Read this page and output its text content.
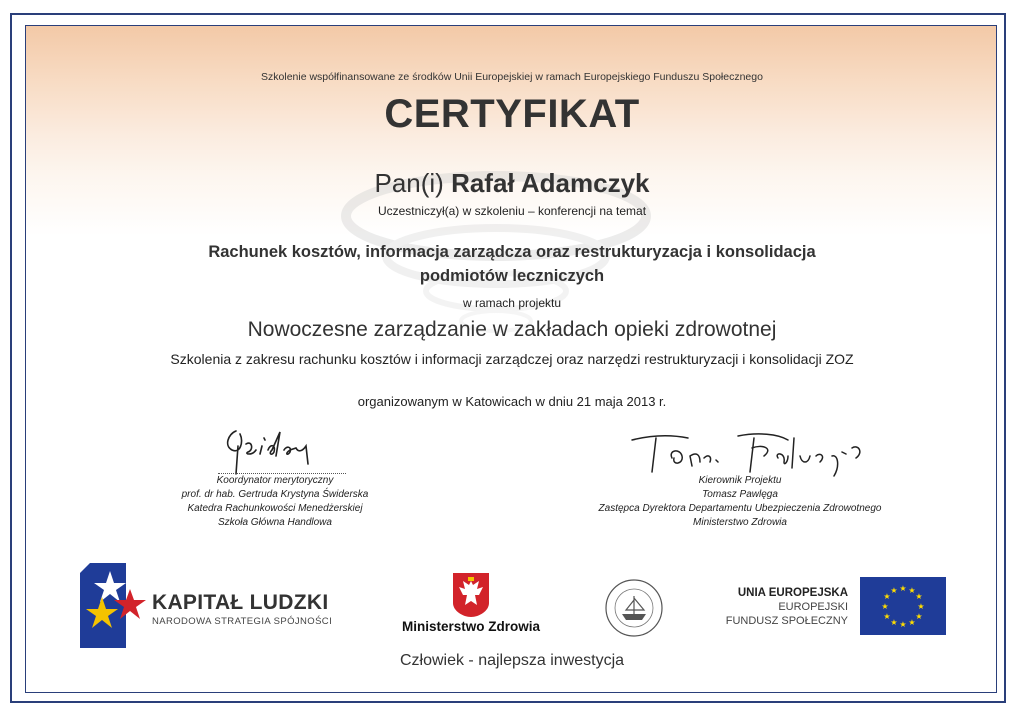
Szkolenie współfinansowane ze środków Unii Europejskiej w ramach Europejskiego Funduszu Społecznego
CERTYFIKAT
Pan(i) Rafał Adamczyk
Uczestniczył(a) w szkoleniu – konferencji na temat
Rachunek kosztów, informacja zarządcza oraz restrukturyzacja i konsolidacja
podmiotów leczniczych
w ramach projektu
Nowoczesne zarządzanie w zakładach opieki zdrowotnej
Szkolenia z zakresu rachunku kosztów i informacji zarządczej oraz narzędzi restrukturyzacji i konsolidacji ZOZ
organizowanym w Katowicach w dniu 21 maja 2013 r.
Koordynator merytoryczny
prof. dr hab. Gertruda Krystyna Świderska
Katedra Rachunkowości Menedżerskiej
Szkoła Główna Handlowa
Kierownik Projektu
Tomasz Pawlęga
Zastępca Dyrektora Departamentu Ubezpieczenia Zdrowotnego
Ministerstwo Zdrowia
KAPITAŁ LUDZKI
NARODOWA STRATEGIA SPÓJNOŚCI	Ministerstwo Zdrowia
UNIA EUROPEJSKA
EUROPEJSKI
FUNDUSZ SPOŁECZNY
★ ★
★
★
★
★
★
★
★
★
★
★
Człowiek - najlepsza inwestycja
